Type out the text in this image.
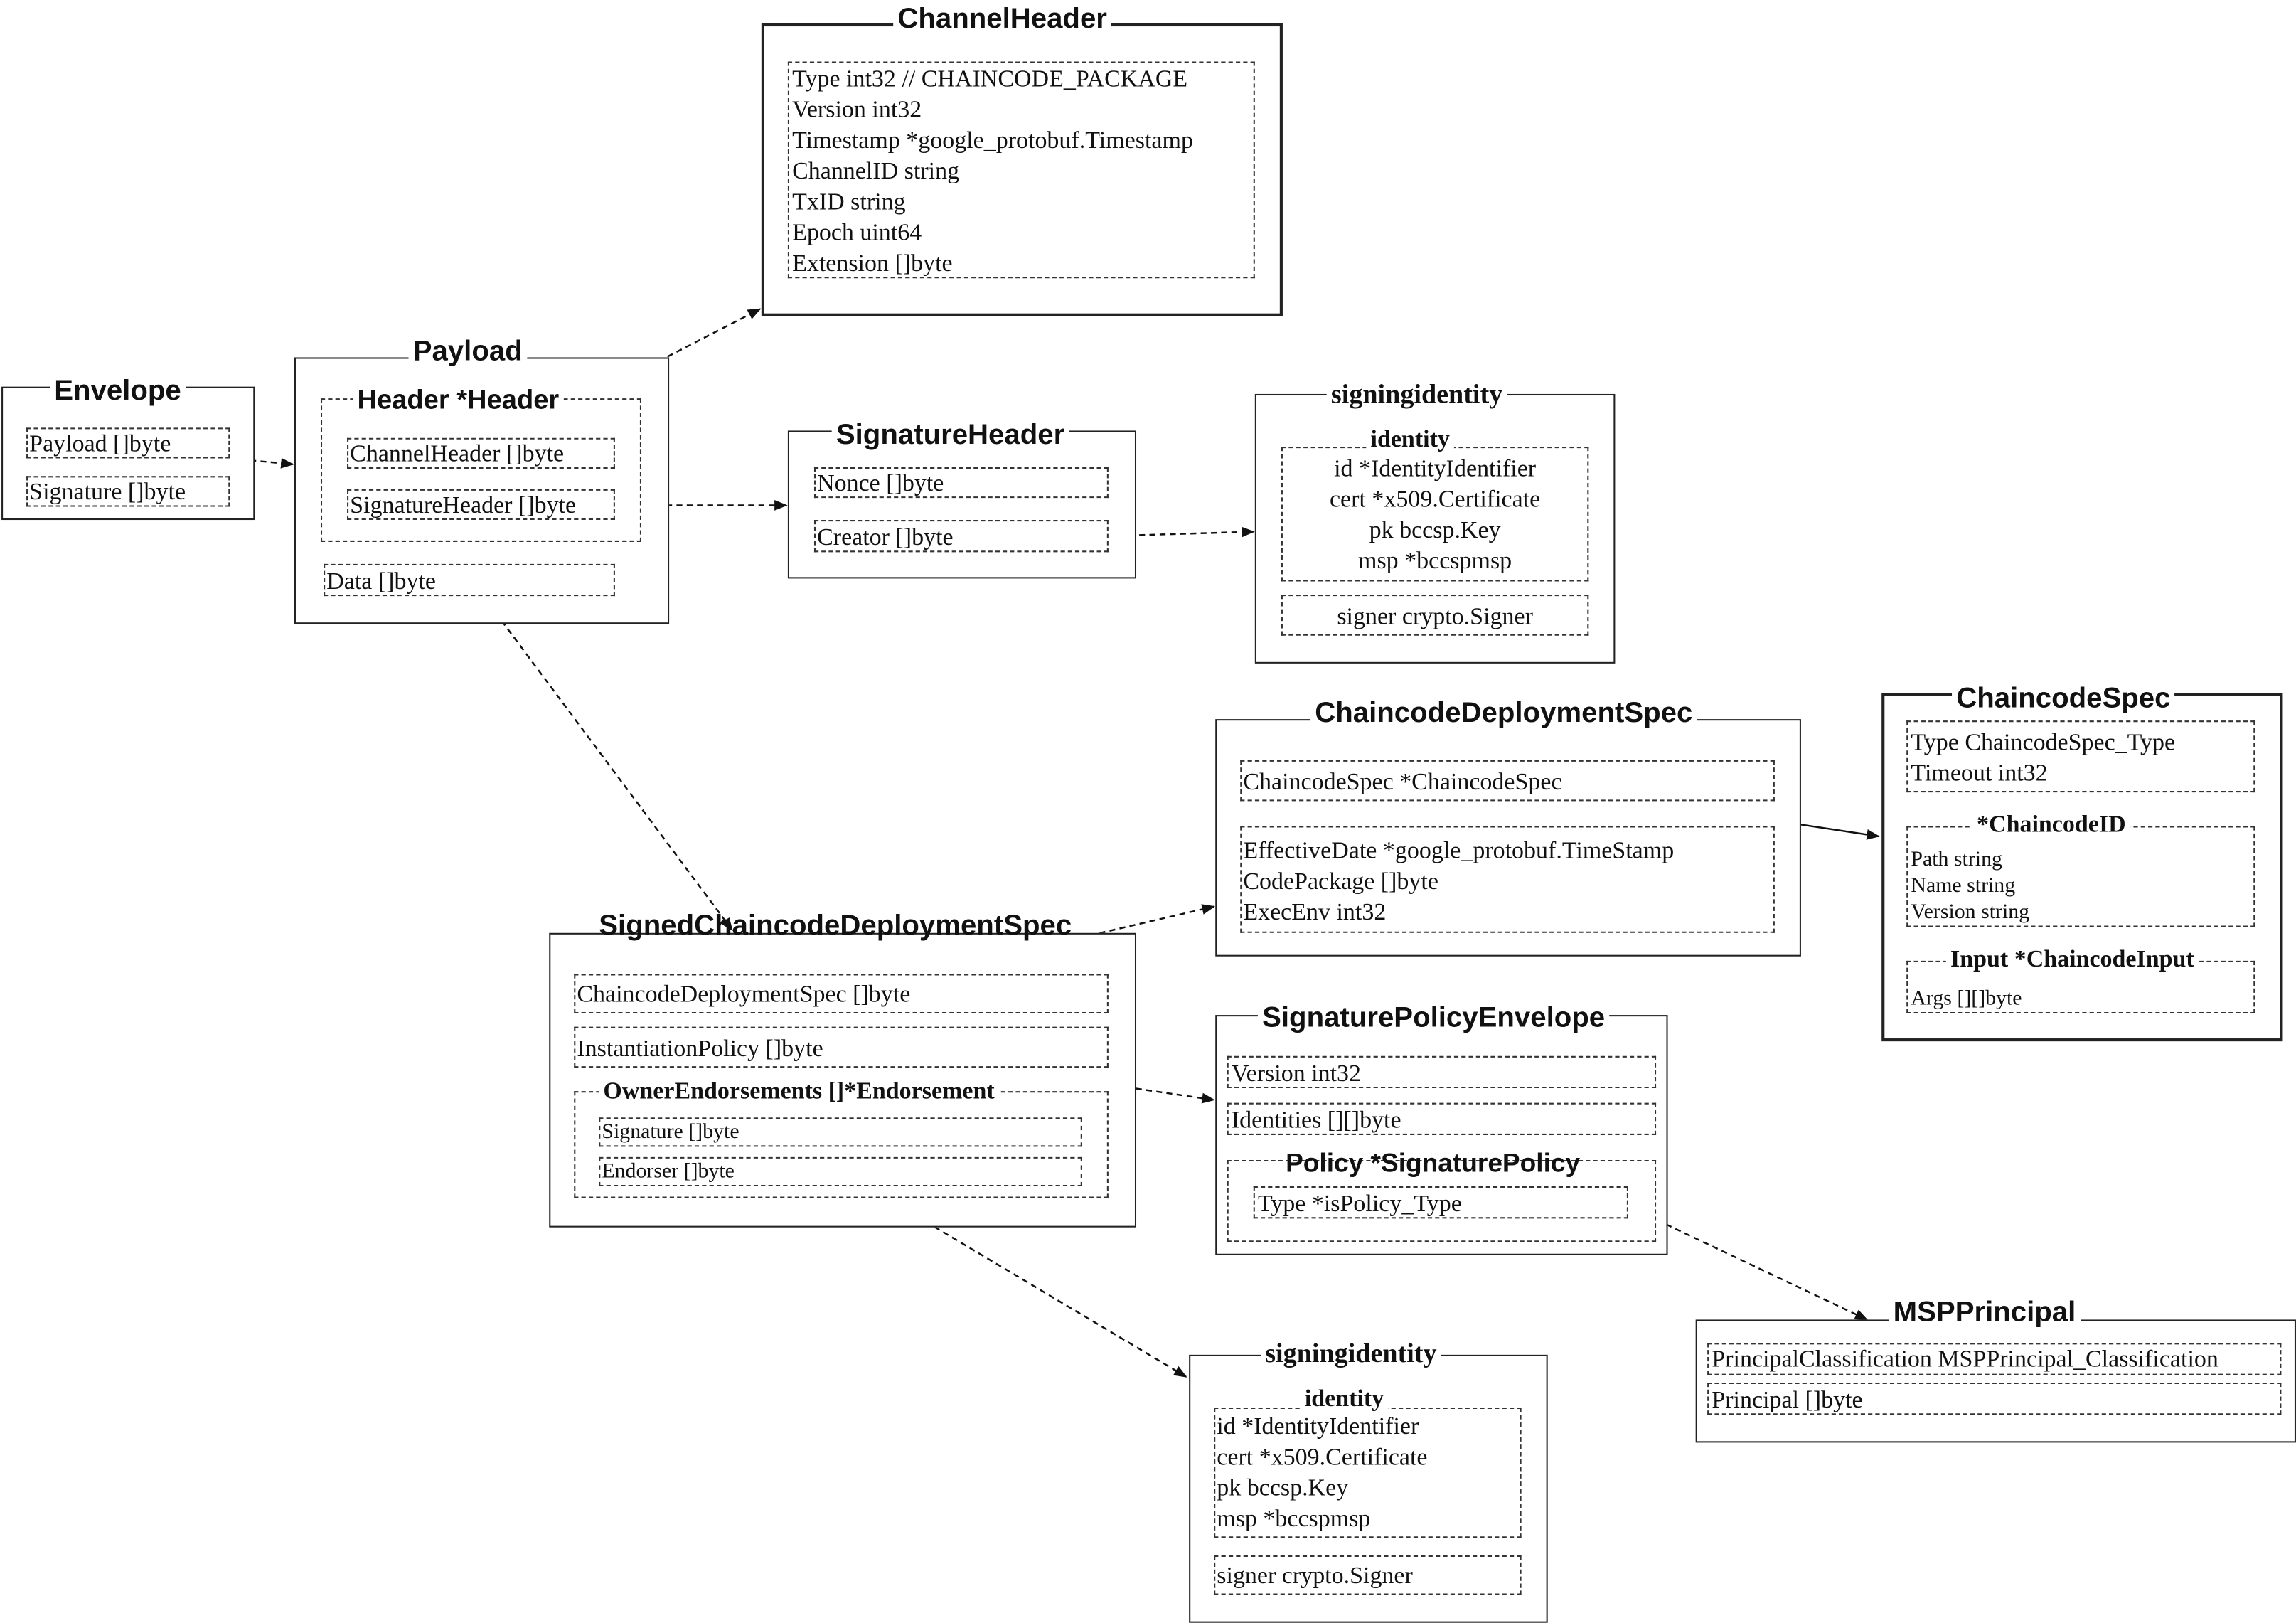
Envelope
Payload []byte
Signature []byte
Payload
Header *Header
ChannelHeader []byte
SignatureHeader []byte
Data []byte
ChannelHeader
Type int32 // CHAINCODE_PACKAGE
Version int32
Timestamp *google_protobuf.Timestamp
ChannelID string
TxID string
Epoch uint64
Extension []byte
SignatureHeader
Nonce []byte
Creator []byte
signingidentity
identity
id *IdentityIdentifier
cert *x509.Certificate
pk bccsp.Key
msp *bccspmsp
signer crypto.Signer
ChaincodeDeploymentSpec
ChaincodeSpec *ChaincodeSpec
EffectiveDate *google_protobuf.TimeStamp
CodePackage []byte
ExecEnv int32
ChaincodeSpec
Type ChaincodeSpec_Type
Timeout int32
*ChaincodeID
Path string
Name string
Version string
Input *ChaincodeInput
Args [][]byte
SignedChaincodeDeploymentSpec
ChaincodeDeploymentSpec []byte
InstantiationPolicy []byte
OwnerEndorsements []*Endorsement
Signature []byte
Endorser []byte
SignaturePolicyEnvelope
Version int32
Identities [][]byte
Policy *SignaturePolicy
Type *isPolicy_Type
MSPPrincipal
PrincipalClassification MSPPrincipal_Classification
Principal []byte
signingidentity
identity
id *IdentityIdentifier
cert *x509.Certificate
pk bccsp.Key
msp *bccspmsp
signer crypto.Signer
